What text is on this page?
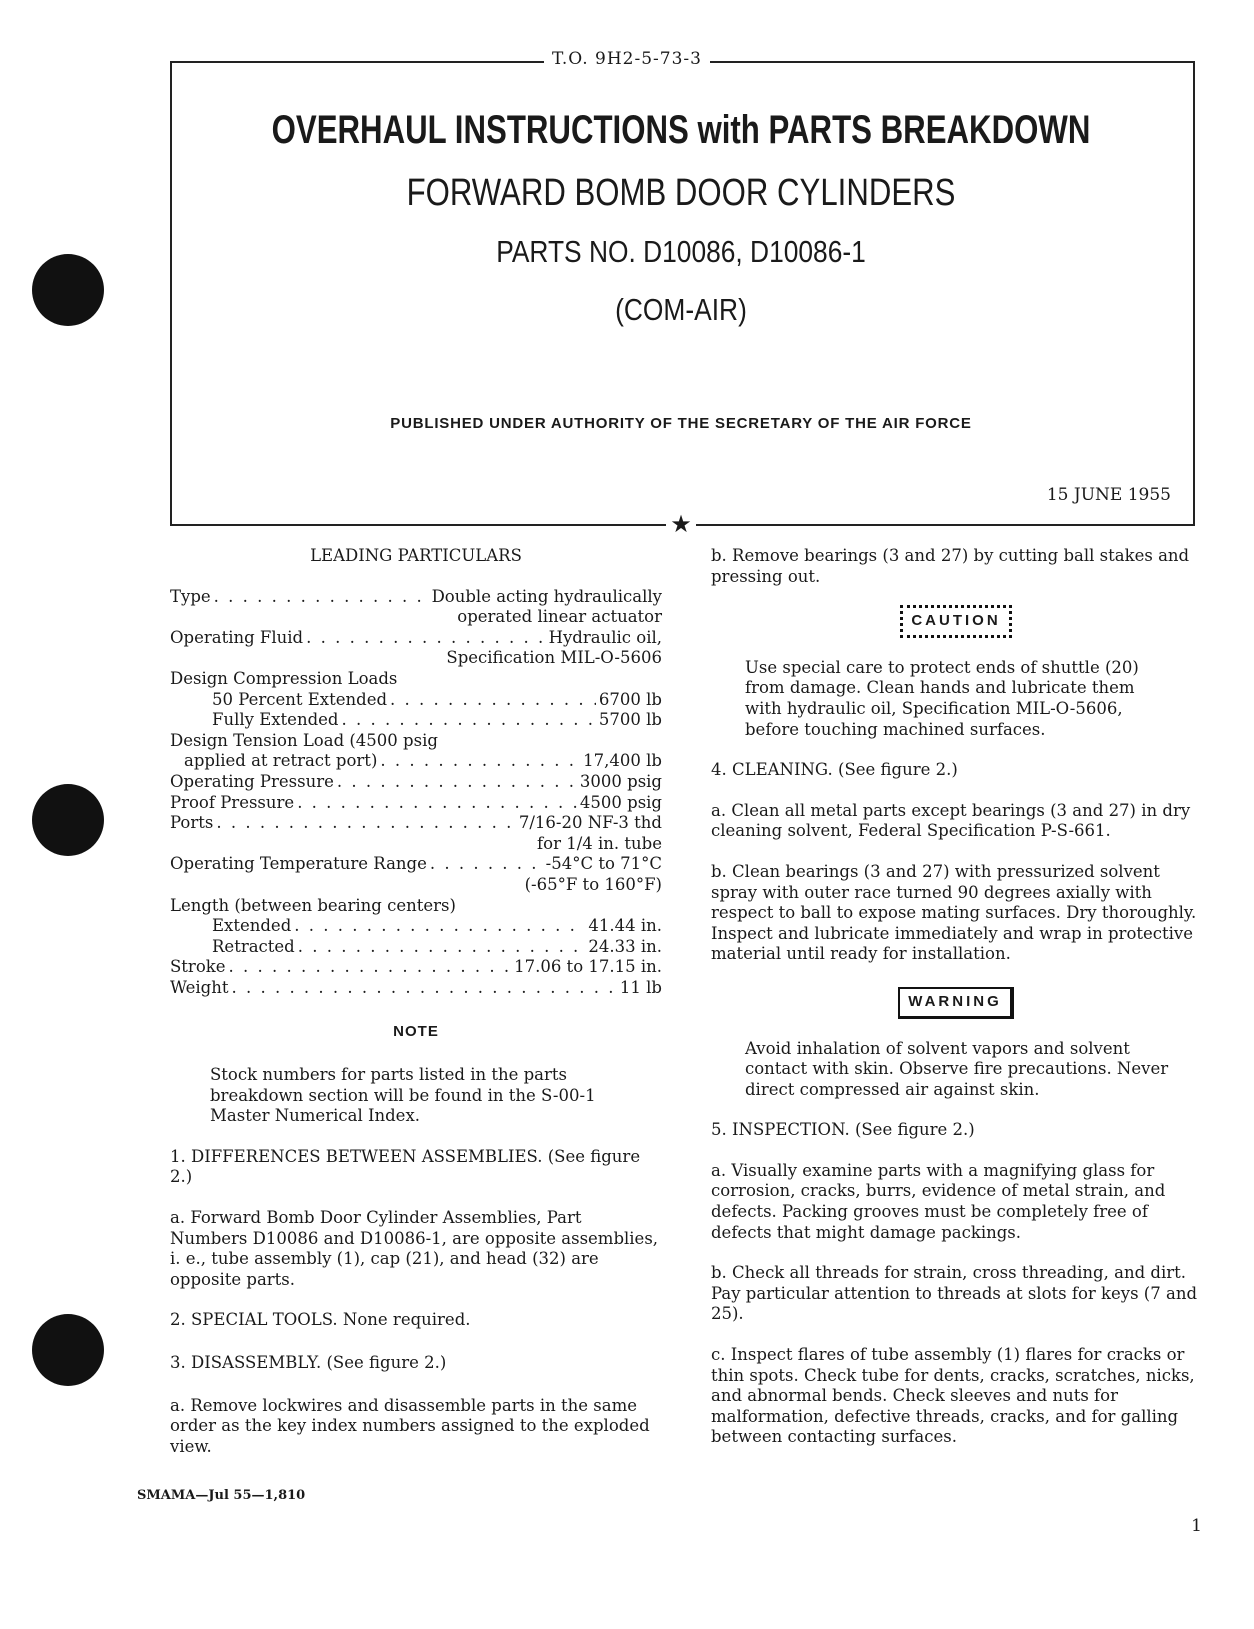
T.O. 9H2-5-73-3
OVERHAUL INSTRUCTIONS with PARTS BREAKDOWN
FORWARD BOMB DOOR CYLINDERS
PARTS NO. D10086, D10086-1
(COM-AIR)
PUBLISHED UNDER AUTHORITY OF THE SECRETARY OF THE AIR FORCE
15 JUNE 1955
★

LEADING PARTICULARS

Type . . .	Double acting hydraulically

operated linear actuator

Operating Fluid . . .	Hydraulic oil,

Specification MIL-O-5606

Design Compression Loads

50 Percent Extended . . .	6700 lb
Fully Extended . . .	5700 lb

Design Tension Load (4500 psig

applied at retract port) . . .	17,400 lb
Operating Pressure . . .	3000 psig
Proof Pressure . . .	4500 psig
Ports . . .	7/16-20 NF-3 thd

for 1/4 in. tube

Operating Temperature Range . . .	-54°C to 71°C

(-65°F to 160°F)

Length (between bearing centers)

Extended . . .	41.44 in.
Retracted . . .	24.33 in.
Stroke . . .	17.06 to 17.15 in.
Weight . . .	11 lb

NOTE

Stock numbers for parts listed in the parts breakdown section will be found in the S-00-1 Master Numerical Index.

1. DIFFERENCES BETWEEN ASSEMBLIES. (See figure 2.)

a. Forward Bomb Door Cylinder Assemblies, Part Numbers D10086 and D10086-1, are opposite assemblies, i. e., tube assembly (1), cap (21), and head (32) are opposite parts.

2. SPECIAL TOOLS. None required.

3. DISASSEMBLY. (See figure 2.)

a. Remove lockwires and disassemble parts in the same order as the key index numbers assigned to the exploded view.

b. Remove bearings (3 and 27) by cutting ball stakes and pressing out.

CAUTION

Use special care to protect ends of shuttle (20) from damage. Clean hands and lubricate them with hydraulic oil, Specification MIL-O-5606, before touching machined surfaces.

4. CLEANING. (See figure 2.)

a. Clean all metal parts except bearings (3 and 27) in dry cleaning solvent, Federal Specification P-S-661.

b. Clean bearings (3 and 27) with pressurized solvent spray with outer race turned 90 degrees axially with respect to ball to expose mating surfaces. Dry thoroughly. Inspect and lubricate immediately and wrap in protective material until ready for installation.

WARNING

Avoid inhalation of solvent vapors and solvent contact with skin. Observe fire precautions. Never direct compressed air against skin.

5. INSPECTION. (See figure 2.)

a. Visually examine parts with a magnifying glass for corrosion, cracks, burrs, evidence of metal strain, and defects. Packing grooves must be completely free of defects that might damage packings.

b. Check all threads for strain, cross threading, and dirt. Pay particular attention to threads at slots for keys (7 and 25).

c. Inspect flares of tube assembly (1) flares for cracks or thin spots. Check tube for dents, cracks, scratches, nicks, and abnormal bends. Check sleeves and nuts for malformation, defective threads, cracks, and for galling between contacting surfaces.

SMAMA—Jul 55—1,810
1
